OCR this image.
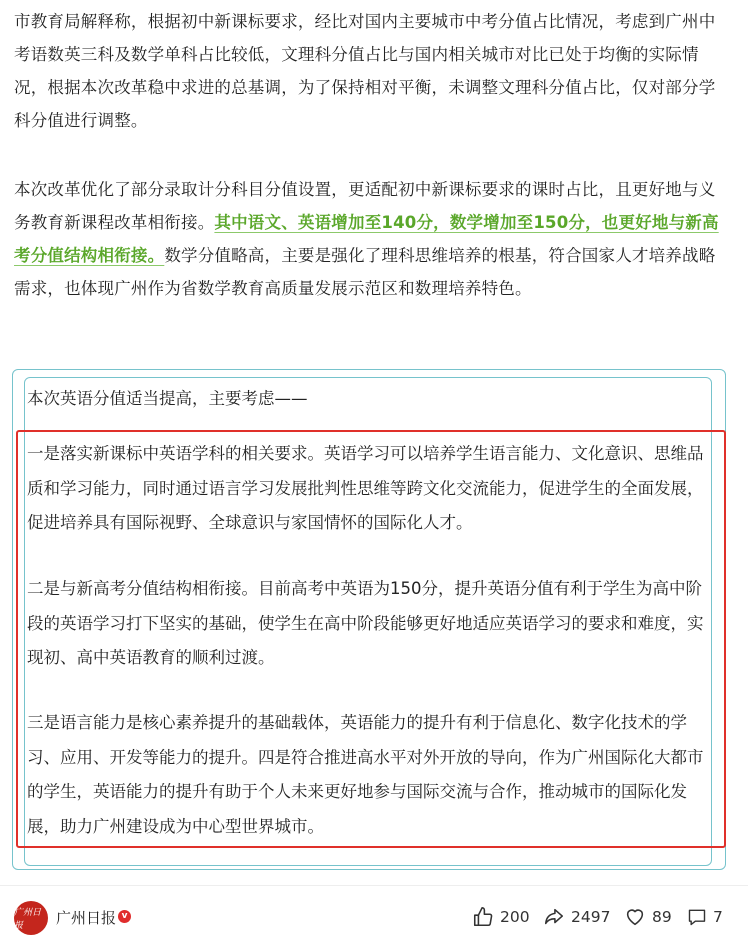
市教育局解释称，根据初中新课标要求，经比对国内主要城市中考分值占比情况，考虑到广州中考语数英三科及数学单科占比较低，文理科分值占比与国内相关城市对比已处于均衡的实际情况，根据本次改革稳中求进的总基调，为了保持相对平衡，未调整文理科分值占比，仅对部分学科分值进行调整。

本次改革优化了部分录取计分科目分值设置，更适配初中新课标要求的课时占比，且更好地与义务教育新课程改革相衔接。其中语文、英语增加至140分，数学增加至150分，也更好地与新高考分值结构相衔接。数学分值略高，主要是强化了理科思维培养的根基，符合国家人才培养战略需求，也体现广州作为省数学教育高质量发展示范区和数理培养特色。

本次英语分值适当提高，主要考虑——

一是落实新课标中英语学科的相关要求。英语学习可以培养学生语言能力、文化意识、思维品质和学习能力，同时通过语言学习发展批判性思维等跨文化交流能力，促进学生的全面发展，促进培养具有国际视野、全球意识与家国情怀的国际化人才。

二是与新高考分值结构相衔接。目前高考中英语为150分，提升英语分值有利于学生为高中阶段的英语学习打下坚实的基础，使学生在高中阶段能够更好地适应英语学习的要求和难度，实现初、高中英语教育的顺利过渡。

三是语言能力是核心素养提升的基础载体，英语能力的提升有利于信息化、数字化技术的学习、应用、开发等能力的提升。四是符合推进高水平对外开放的导向，作为广州国际化大都市的学生，英语能力的提升有助于个人未来更好地参与国际交流与合作，推动城市的国际化发展，助力广州建设成为中心型世界城市。

广州日报	广州日报 v	200	2497	89	7
